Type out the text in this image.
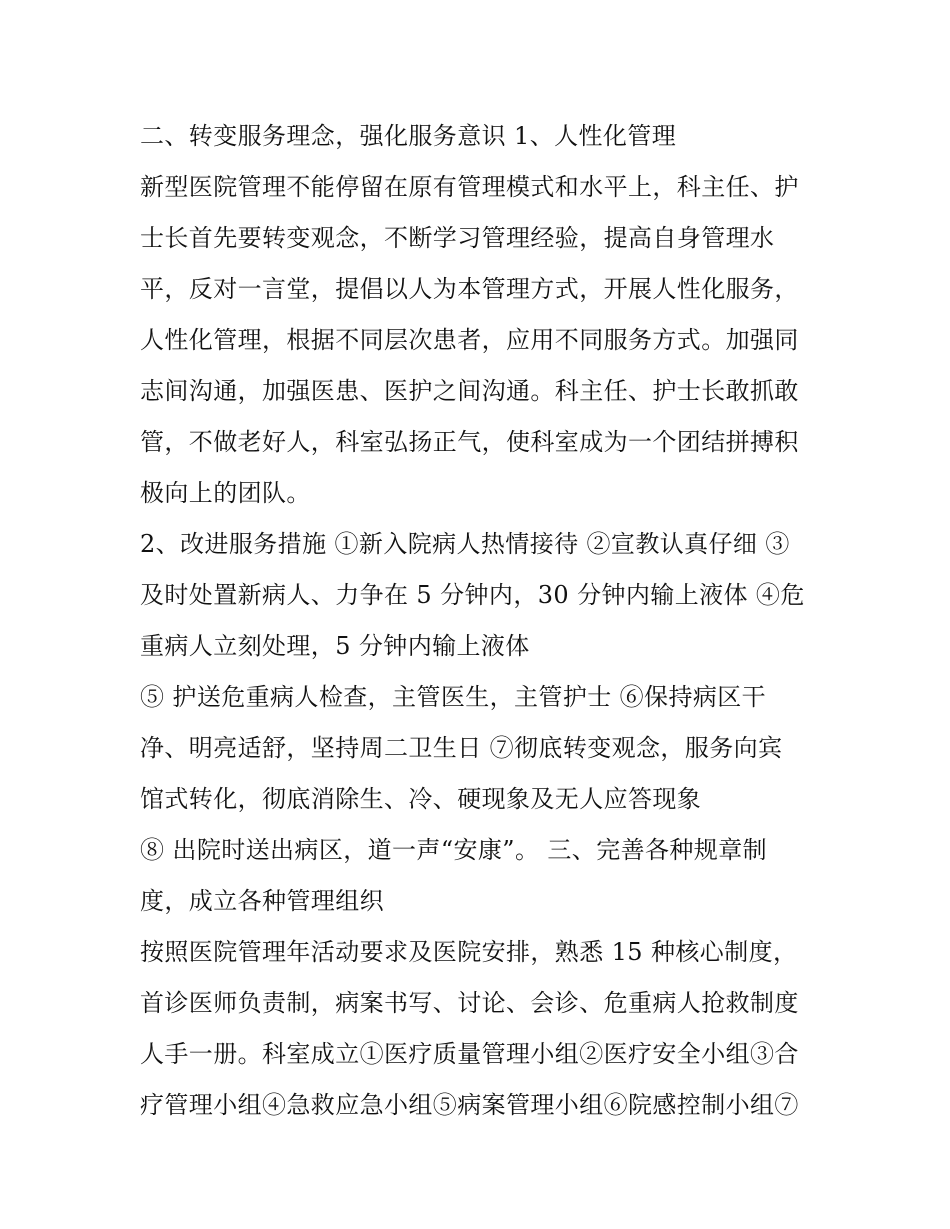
二、转变服务理念，强化服务意识 1、人性化管理
新型医院管理不能停留在原有管理模式和水平上，科主任、护
士长首先要转变观念，不断学习管理经验，提高自身管理水
平，反对一言堂，提倡以人为本管理方式，开展人性化服务，
人性化管理，根据不同层次患者，应用不同服务方式。加强同
志间沟通，加强医患、医护之间沟通。科主任、护士长敢抓敢
管，不做老好人，科室弘扬正气，使科室成为一个团结拼搏积
极向上的团队。
2、改进服务措施 ①新入院病人热情接待 ②宣教认真仔细 ③
及时处置新病人、力争在 5 分钟内，30 分钟内输上液体 ④危
重病人立刻处理，5 分钟内输上液体
⑤ 护送危重病人检查，主管医生，主管护士 ⑥保持病区干
净、明亮适舒，坚持周二卫生日 ⑦彻底转变观念，服务向宾
馆式转化，彻底消除生、冷、硬现象及无人应答现象
⑧ 出院时送出病区，道一声“安康”。 三、完善各种规章制
度，成立各种管理组织
按照医院管理年活动要求及医院安排，熟悉 15 种核心制度，
首诊医师负责制，病案书写、讨论、会诊、危重病人抢救制度
人手一册。科室成立①医疗质量管理小组②医疗安全小组③合
疗管理小组④急救应急小组⑤病案管理小组⑥院感控制小组⑦
